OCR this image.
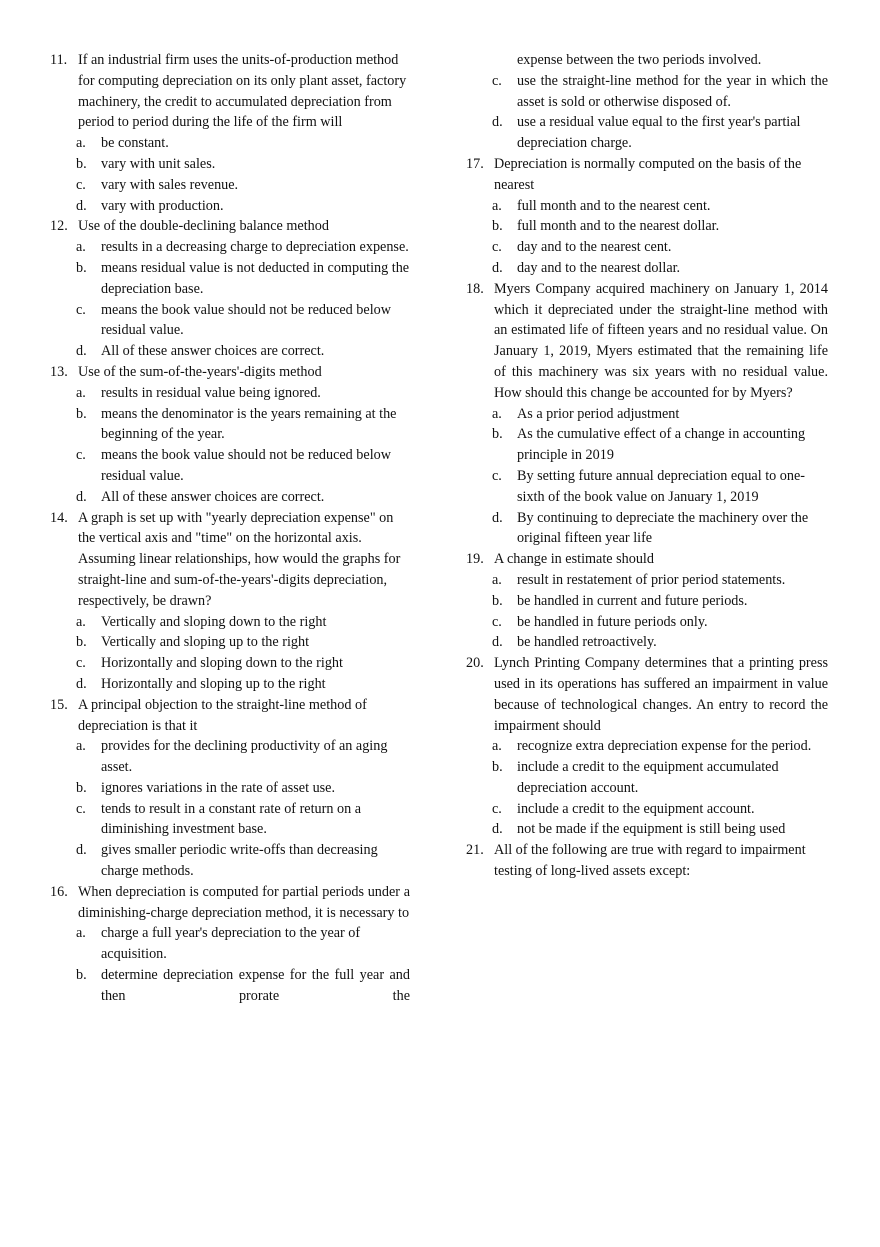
11. If an industrial firm uses the units-of-production method for computing depreciation on its only plant asset, factory machinery, the credit to accumulated depreciation from period to period during the life of the firm will
a. be constant.
b. vary with unit sales.
c. vary with sales revenue.
d. vary with production.
12. Use of the double-declining balance method
a. results in a decreasing charge to depreciation expense.
b. means residual value is not deducted in computing the depreciation base.
c. means the book value should not be reduced below residual value.
d. All of these answer choices are correct.
13. Use of the sum-of-the-years'-digits method
a. results in residual value being ignored.
b. means the denominator is the years remaining at the beginning of the year.
c. means the book value should not be reduced below residual value.
d. All of these answer choices are correct.
14. A graph is set up with "yearly depreciation expense" on the vertical axis and "time" on the horizontal axis. Assuming linear relationships, how would the graphs for straight-line and sum-of-the-years'-digits depreciation, respectively, be drawn?
a. Vertically and sloping down to the right
b. Vertically and sloping up to the right
c. Horizontally and sloping down to the right
d. Horizontally and sloping up to the right
15. A principal objection to the straight-line method of depreciation is that it
a. provides for the declining productivity of an aging asset.
b. ignores variations in the rate of asset use.
c. tends to result in a constant rate of return on a diminishing investment base.
d. gives smaller periodic write-offs than decreasing charge methods.
16. When depreciation is computed for partial periods under a diminishing-charge depreciation method, it is necessary to
a. charge a full year's depreciation to the year of acquisition.
b. determine depreciation expense for the full year and then prorate the
expense between the two periods involved.
c. use the straight-line method for the year in which the asset is sold or otherwise disposed of.
d. use a residual value equal to the first year's partial depreciation charge.
17. Depreciation is normally computed on the basis of the nearest
a. full month and to the nearest cent.
b. full month and to the nearest dollar.
c. day and to the nearest cent.
d. day and to the nearest dollar.
18. Myers Company acquired machinery on January 1, 2014 which it depreciated under the straight-line method with an estimated life of fifteen years and no residual value. On January 1, 2019, Myers estimated that the remaining life of this machinery was six years with no residual value. How should this change be accounted for by Myers?
a. As a prior period adjustment
b. As the cumulative effect of a change in accounting principle in 2019
c. By setting future annual depreciation equal to one-sixth of the book value on January 1, 2019
d. By continuing to depreciate the machinery over the original fifteen year life
19. A change in estimate should
a. result in restatement of prior period statements.
b. be handled in current and future periods.
c. be handled in future periods only.
d. be handled retroactively.
20. Lynch Printing Company determines that a printing press used in its operations has suffered an impairment in value because of technological changes. An entry to record the impairment should
a. recognize extra depreciation expense for the period.
b. include a credit to the equipment accumulated depreciation account.
c. include a credit to the equipment account.
d. not be made if the equipment is still being used
21. All of the following are true with regard to impairment testing of long-lived assets except:
